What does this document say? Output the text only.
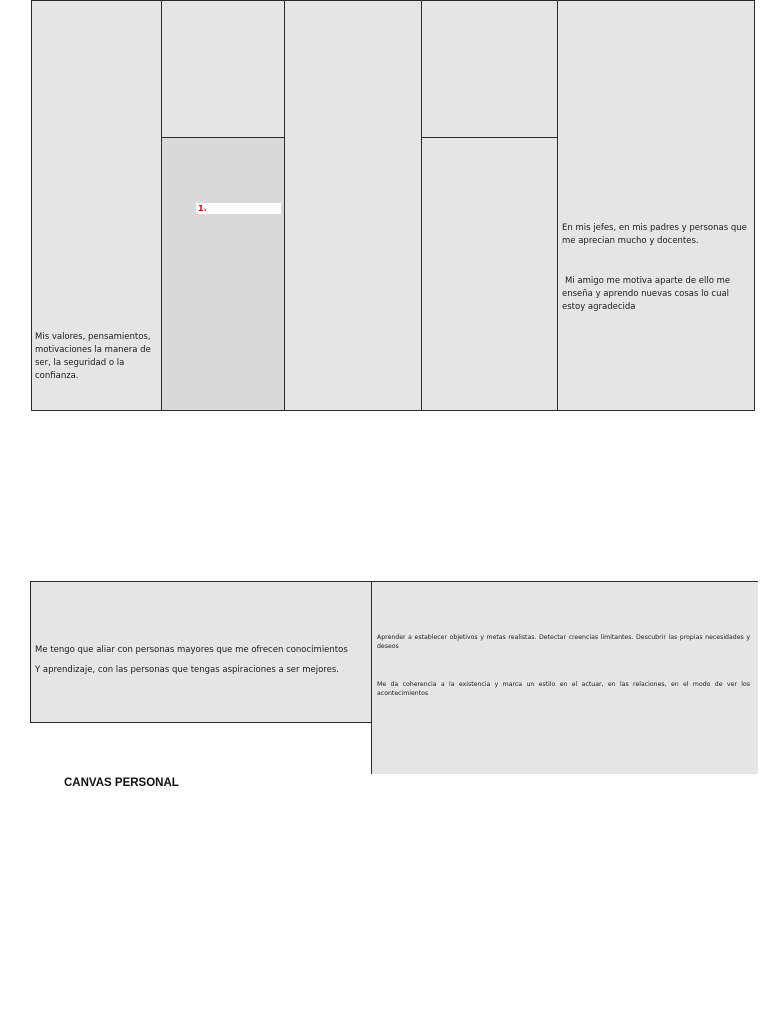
Mis valores, pensamientos, motivaciones la manera de ser, la seguridad o la confianza.
1.
En mis jefes, en mis padres y personas que me aprecian mucho y docentes.
Mi amigo me motiva aparte de ello me enseña y aprendo nuevas cosas lo cual estoy agradecida
Me tengo que aliar con personas mayores que me ofrecen conocimientos
Y aprendizaje, con las personas que tengas aspiraciones a ser mejores.
Aprender a establecer objetivos y metas realistas. Detectar creencias limitantes. Descubrir las propias necesidades y deseos
Me da coherencia a la existencia y marca un estilo en el actuar, en las relaciones, en el modo de ver los acontecimientos
CANVAS PERSONAL
